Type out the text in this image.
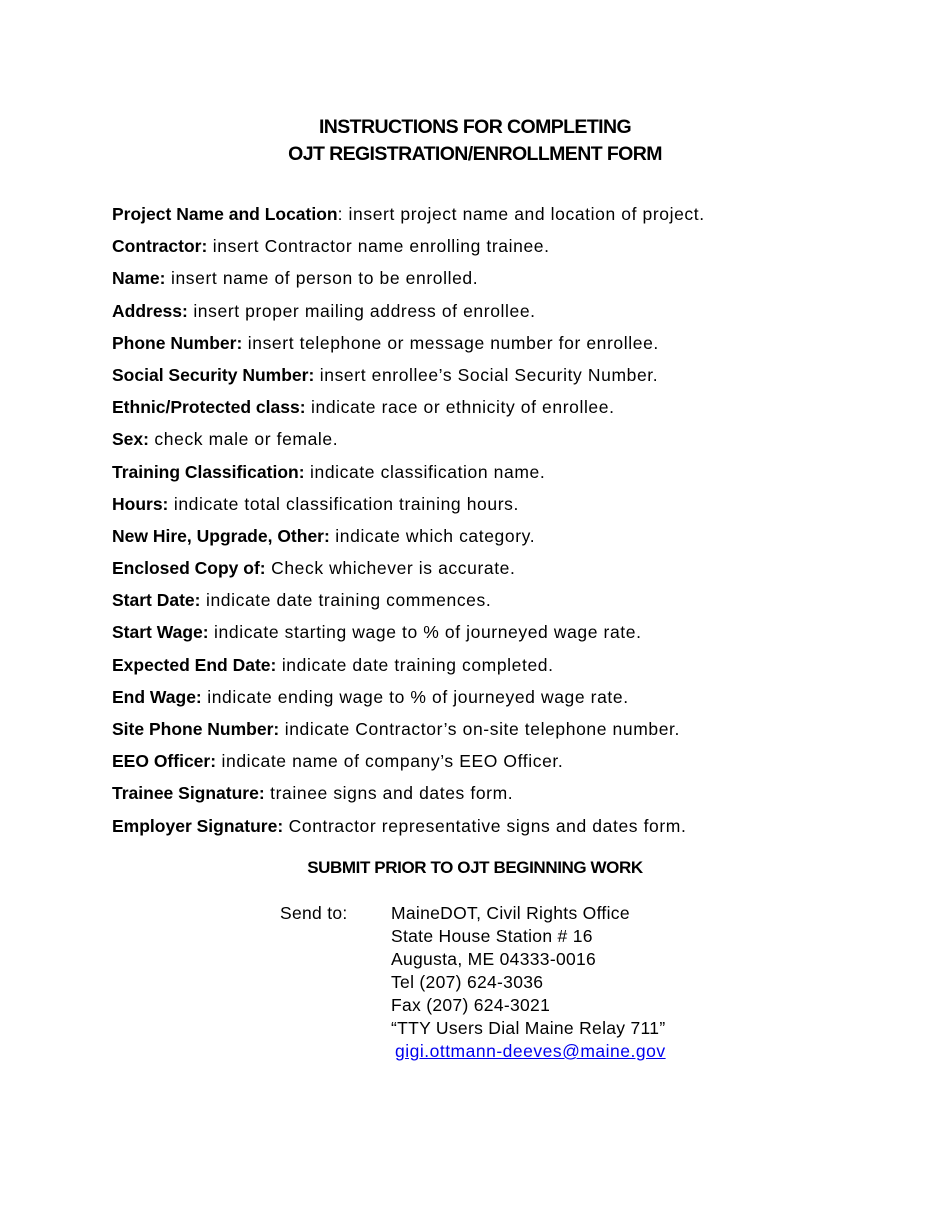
INSTRUCTIONS FOR COMPLETING
OJT REGISTRATION/ENROLLMENT FORM
Project Name and Location: insert project name and location of project.
Contractor: insert Contractor name enrolling trainee.
Name: insert name of person to be enrolled.
Address: insert proper mailing address of enrollee.
Phone Number: insert telephone or message number for enrollee.
Social Security Number: insert enrollee’s Social Security Number.
Ethnic/Protected class: indicate race or ethnicity of enrollee.
Sex: check male or female.
Training Classification: indicate classification name.
Hours: indicate total classification training hours.
New Hire, Upgrade, Other: indicate which category.
Enclosed Copy of: Check whichever is accurate.
Start Date: indicate date training commences.
Start Wage: indicate starting wage to % of journeyed wage rate.
Expected End Date: indicate date training completed.
End Wage: indicate ending wage to % of journeyed wage rate.
Site Phone Number: indicate Contractor’s on-site telephone number.
EEO Officer: indicate name of company’s EEO Officer.
Trainee Signature: trainee signs and dates form.
Employer Signature: Contractor representative signs and dates form.
SUBMIT PRIOR TO OJT BEGINNING WORK
Send to: MaineDOT, Civil Rights Office
State House Station # 16
Augusta, ME 04333-0016
Tel (207) 624-3036
Fax (207) 624-3021
“TTY Users Dial Maine Relay 711”
gigi.ottmann-deeves@maine.gov
